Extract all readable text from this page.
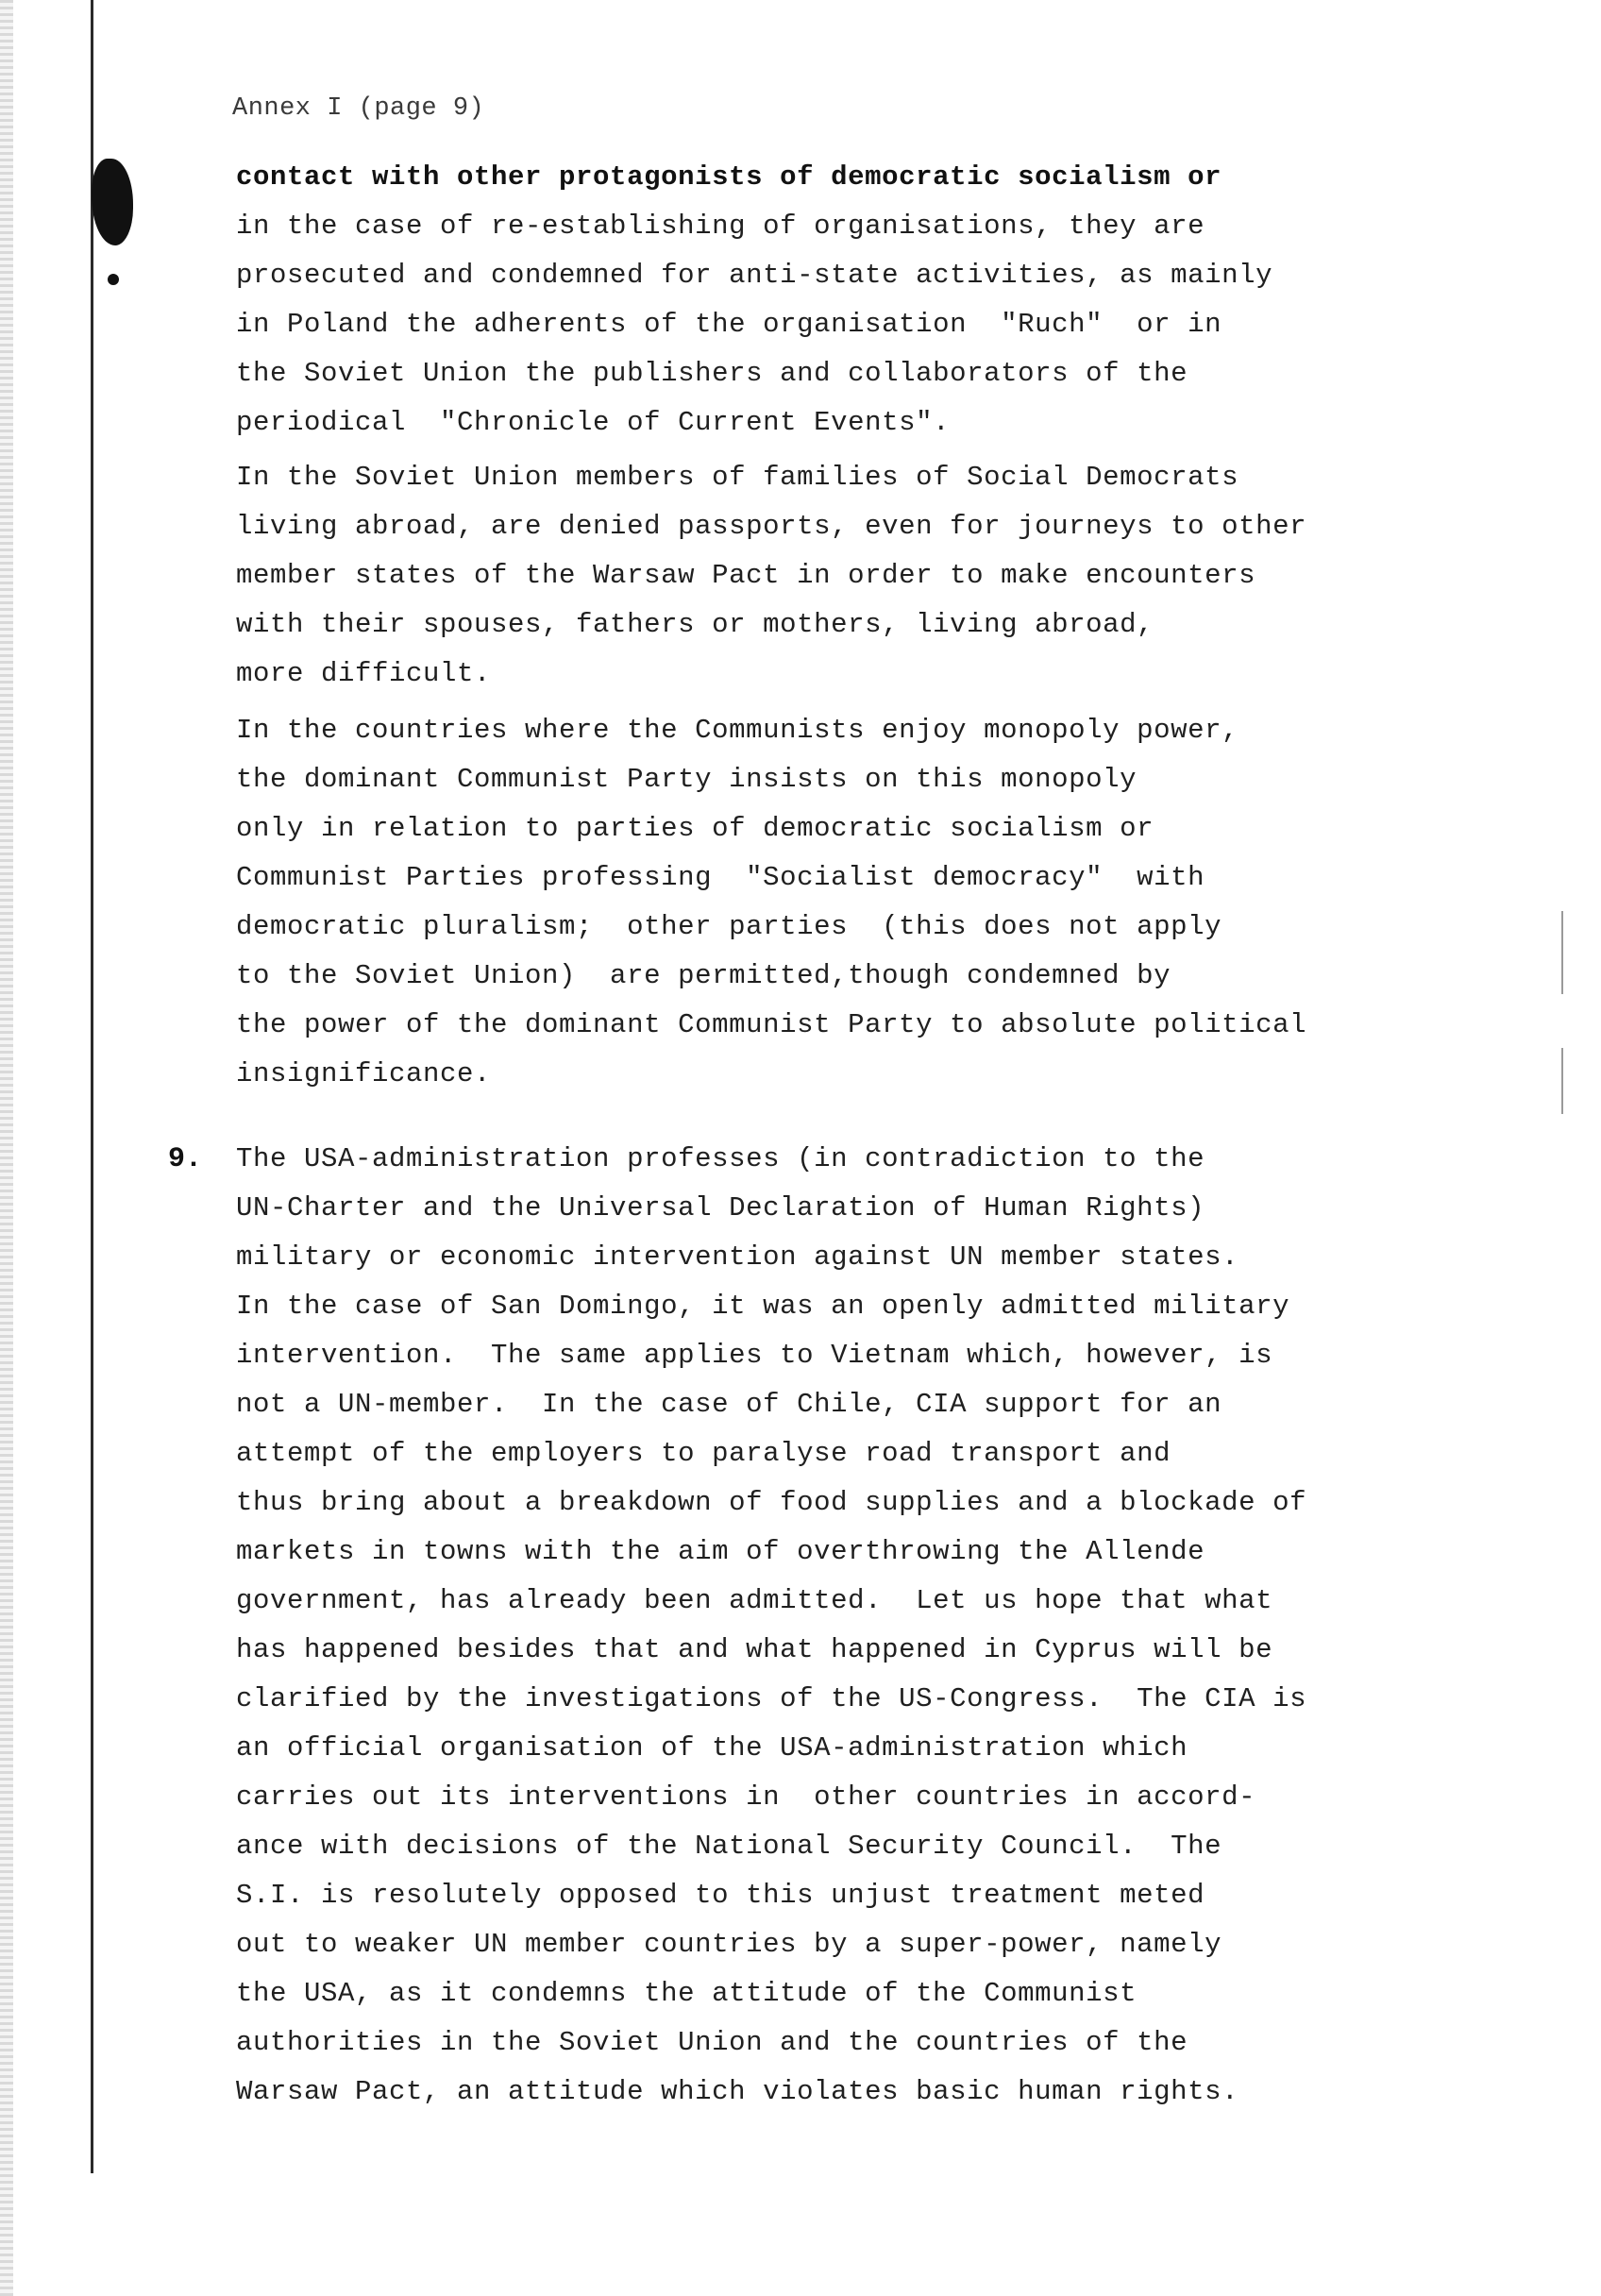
Annex I (page 9)
contact with other protagonists of democratic socialism or
in the case of re-establishing of organisations, they are
prosecuted and condemned for anti-state activities, as mainly
in Poland the adherents of the organisation  "Ruch"  or in
the Soviet Union the publishers and collaborators of the
periodical  "Chronicle of Current Events".
In the Soviet Union members of families of Social Democrats
living abroad, are denied passports, even for journeys to other
member states of the Warsaw Pact in order to make encounters
with their spouses, fathers or mothers, living abroad,
more difficult.
In the countries where the Communists enjoy monopoly power,
the dominant Communist Party insists on this monopoly
only in relation to parties of democratic socialism or
Communist Parties professing  "Socialist democracy"  with
democratic pluralism;  other parties  (this does not apply
to the Soviet Union)  are permitted,though condemned by
the power of the dominant Communist Party to absolute political
insignificance.
9. The USA-administration professes (in contradiction to the
UN-Charter and the Universal Declaration of Human Rights)
military or economic intervention against UN member states.
In the case of San Domingo, it was an openly admitted military
intervention.  The same applies to Vietnam which, however, is
not a UN-member.  In the case of Chile, CIA support for an
attempt of the employers to paralyse road transport and
thus bring about a breakdown of food supplies and a blockade of
markets in towns with the aim of overthrowing the Allende
government, has already been admitted.  Let us hope that what
has happened besides that and what happened in Cyprus will be
clarified by the investigations of the US-Congress.  The CIA is
an official organisation of the USA-administration which
carries out its interventions in  other countries in accord-
ance with decisions of the National Security Council.  The
S.I. is resolutely opposed to this unjust treatment meted
out to weaker UN member countries by a super-power, namely
the USA, as it condemns the attitude of the Communist
authorities in the Soviet Union and the countries of the
Warsaw Pact, an attitude which violates basic human rights.
